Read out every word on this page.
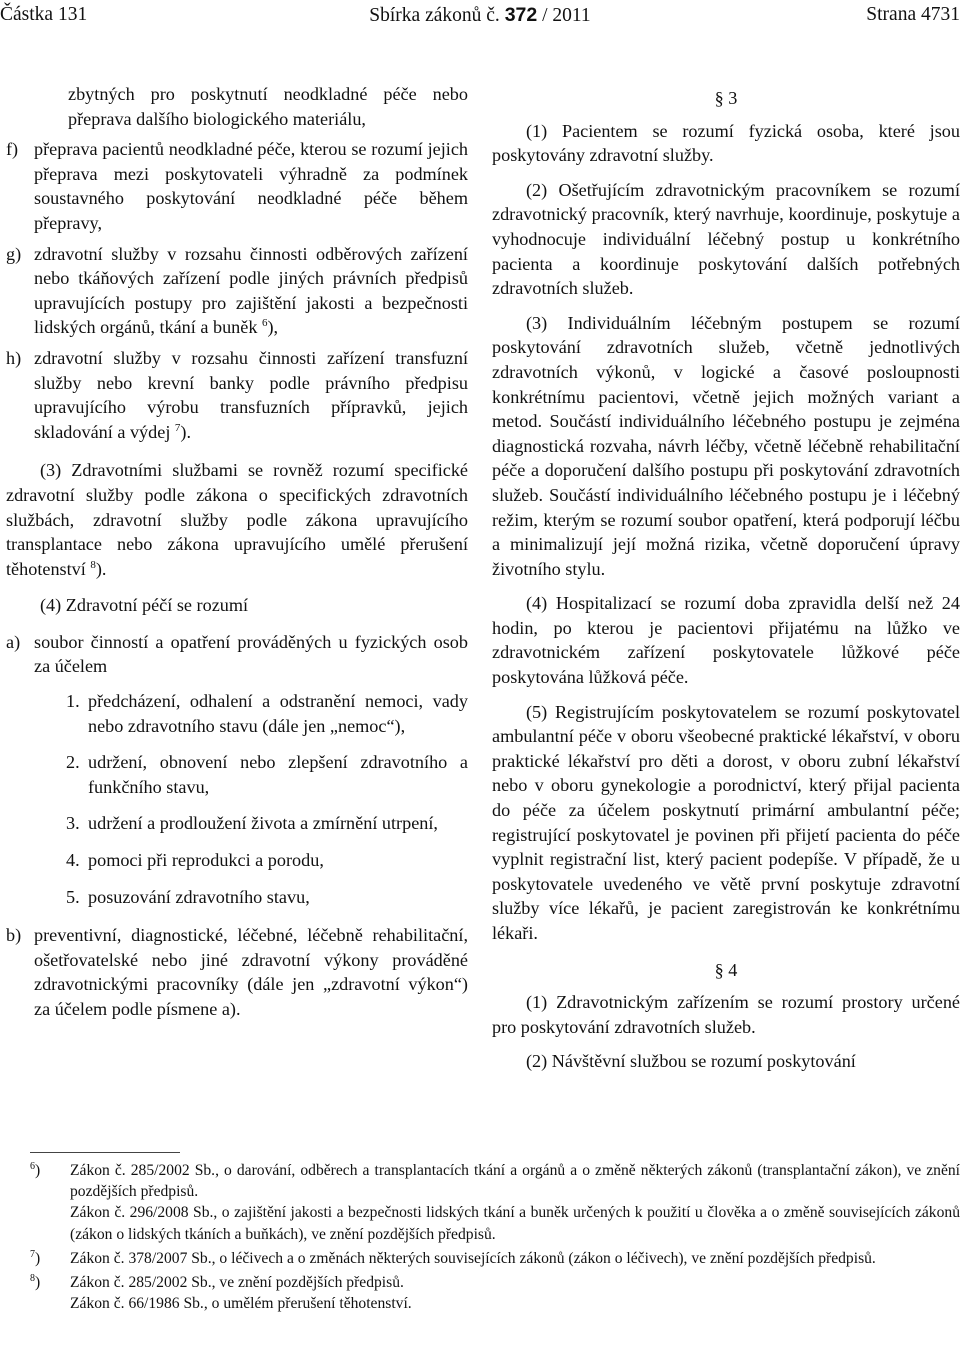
Částka 131	Sbírka zákonů č. 372 / 2011	Strana 4731
zbytných pro poskytnutí neodkladné péče nebo přeprava dalšího biologického materiálu,
f) přeprava pacientů neodkladné péče, kterou se rozumí jejich přeprava mezi poskytovateli výhradně za podmínek soustavného poskytování neodkladné péče během přepravy,
g) zdravotní služby v rozsahu činnosti odběrových zařízení nebo tkáňových zařízení podle jiných právních předpisů upravujících postupy pro zajištění jakosti a bezpečnosti lidských orgánů, tkání a buněk $^6$),
h) zdravotní služby v rozsahu činnosti zařízení transfuzní služby nebo krevní banky podle právního předpisu upravujícího výrobu transfuzních přípravků, jejich skladování a výdej $^7$).

(3) Zdravotními službami se rovněž rozumí specifické zdravotní služby podle zákona o specifických zdravotních službách, zdravotní služby podle zákona upravujícího transplantace nebo zákona upravujícího umělé přerušení těhotenství $^8$).

(4) Zdravotní péčí se rozumí

a) soubor činností a opatření prováděných u fyzických osob za účelem
1. předcházení, odhalení a odstranění nemoci, vady nebo zdravotního stavu (dále jen „nemoc“),
2. udržení, obnovení nebo zlepšení zdravotního a funkčního stavu,
3. udržení a prodloužení života a zmírnění utrpení,
4. pomoci při reprodukci a porodu,
5. posuzování zdravotního stavu,
b) preventivní, diagnostické, léčebné, léčebně rehabilitační, ošetřovatelské nebo jiné zdravotní výkony prováděné zdravotnickými pracovníky (dále jen „zdravotní výkon“) za účelem podle písmene a).

§ 3

(1) Pacientem se rozumí fyzická osoba, které jsou poskytovány zdravotní služby.

(2) Ošetřujícím zdravotnickým pracovníkem se rozumí zdravotnický pracovník, který navrhuje, koordinuje, poskytuje a vyhodnocuje individuální léčebný postup u konkrétního pacienta a koordinuje poskytování dalších potřebných zdravotních služeb.

(3) Individuálním léčebným postupem se rozumí poskytování zdravotních služeb, včetně jednotlivých zdravotních výkonů, v logické a časové posloupnosti konkrétnímu pacientovi, včetně jejich možných variant a metod. Součástí individuálního léčebného postupu je zejména diagnostická rozvaha, návrh léčby, včetně léčebně rehabilitační péče a doporučení dalšího postupu při poskytování zdravotních služeb. Součástí individuálního léčebného postupu je i léčebný režim, kterým se rozumí soubor opatření, která podporují léčbu a minimalizují její možná rizika, včetně doporučení úpravy životního stylu.

(4) Hospitalizací se rozumí doba zpravidla delší než 24 hodin, po kterou je pacientovi přijatému na lůžko ve zdravotnickém zařízení poskytovatele lůžkové péče poskytována lůžková péče.

(5) Registrujícím poskytovatelem se rozumí poskytovatel ambulantní péče v oboru všeobecné praktické lékařství, v oboru praktické lékařství pro děti a dorost, v oboru zubní lékařství nebo v oboru gynekologie a porodnictví, který přijal pacienta do péče za účelem poskytnutí primární ambulantní péče; registrující poskytovatel je povinen při přijetí pacienta do péče vyplnit registrační list, který pacient podepíše. V případě, že u poskytovatele uvedeného ve větě první poskytuje zdravotní služby více lékařů, je pacient zaregistrován ke konkrétnímu lékaři.

§ 4

(1) Zdravotnickým zařízením se rozumí prostory určené pro poskytování zdravotních služeb.

(2) Návštěvní službou se rozumí poskytování

$^6$)	Zákon č. 285/2002 Sb., o darování, odběrech a transplantacích tkání a orgánů a o změně některých zákonů (transplantační zákon), ve znění pozdějších předpisů.

Zákon č. 296/2008 Sb., o zajištění jakosti a bezpečnosti lidských tkání a buněk určených k použití u člověka a o změně souvisejících zákonů (zákon o lidských tkáních a buňkách), ve znění pozdějších předpisů.

$^7$)	Zákon č. 378/2007 Sb., o léčivech a o změnách některých souvisejících zákonů (zákon o léčivech), ve znění pozdějších předpisů.

$^8$)	Zákon č. 285/2002 Sb., ve znění pozdějších předpisů.

Zákon č. 66/1986 Sb., o umělém přerušení těhotenství.
